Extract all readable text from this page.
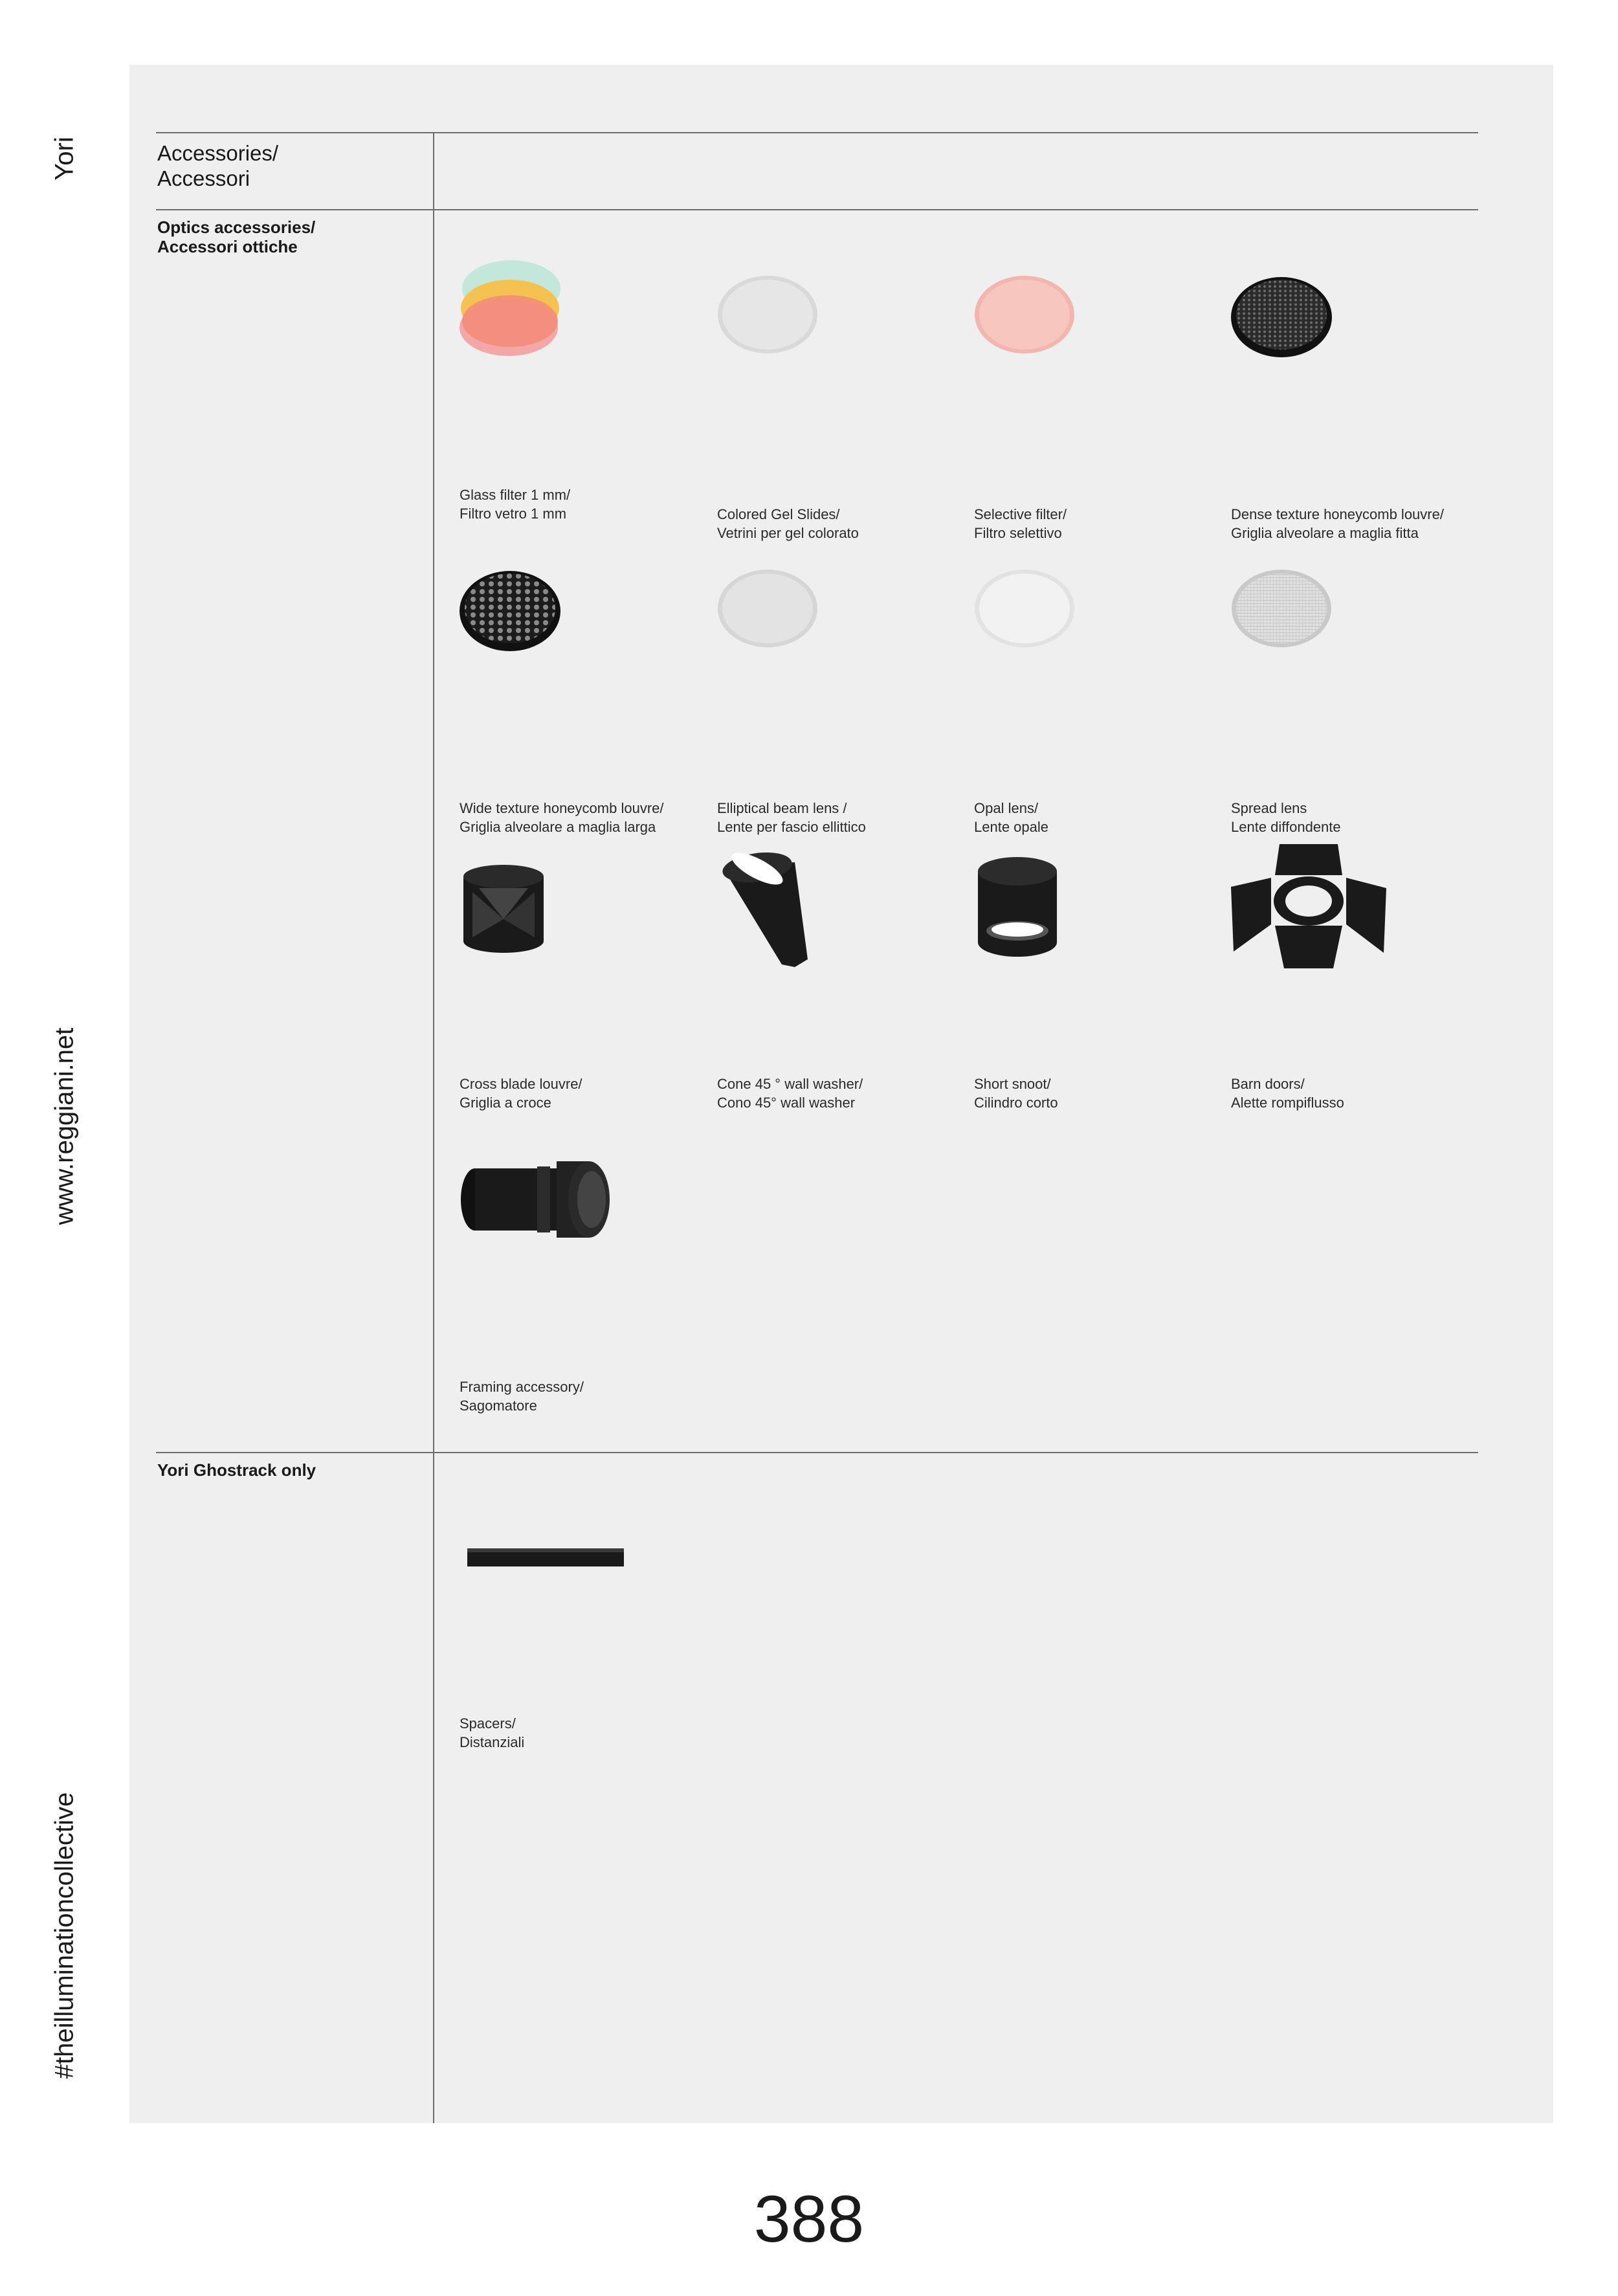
Yori
www.reggiani.net
#theilluminationcollective
Accessories/
Accessori
Optics accessories/
Accessori ottiche
Yori Ghostrack only
Glass filter 1 mm/
Filtro vetro 1 mm	Colored Gel Slides/
Vetrini per gel colorato
Selective filter/
Filtro selettivo
Dense texture honeycomb louvre/
Griglia alveolare a maglia fitta
Wide texture honeycomb louvre/
Griglia alveolare a maglia larga
Elliptical beam lens /
Lente per fascio ellittico
Opal lens/
Lente opale
Spread lens
Lente diffondente
Cross blade louvre/
Griglia a croce
Cone 45 ° wall washer/
Cono 45° wall washer
Short snoot/
Cilindro corto
Barn doors/
Alette rompiflusso
Framing accessory/
Sagomatore
Spacers/
Distanziali
388
